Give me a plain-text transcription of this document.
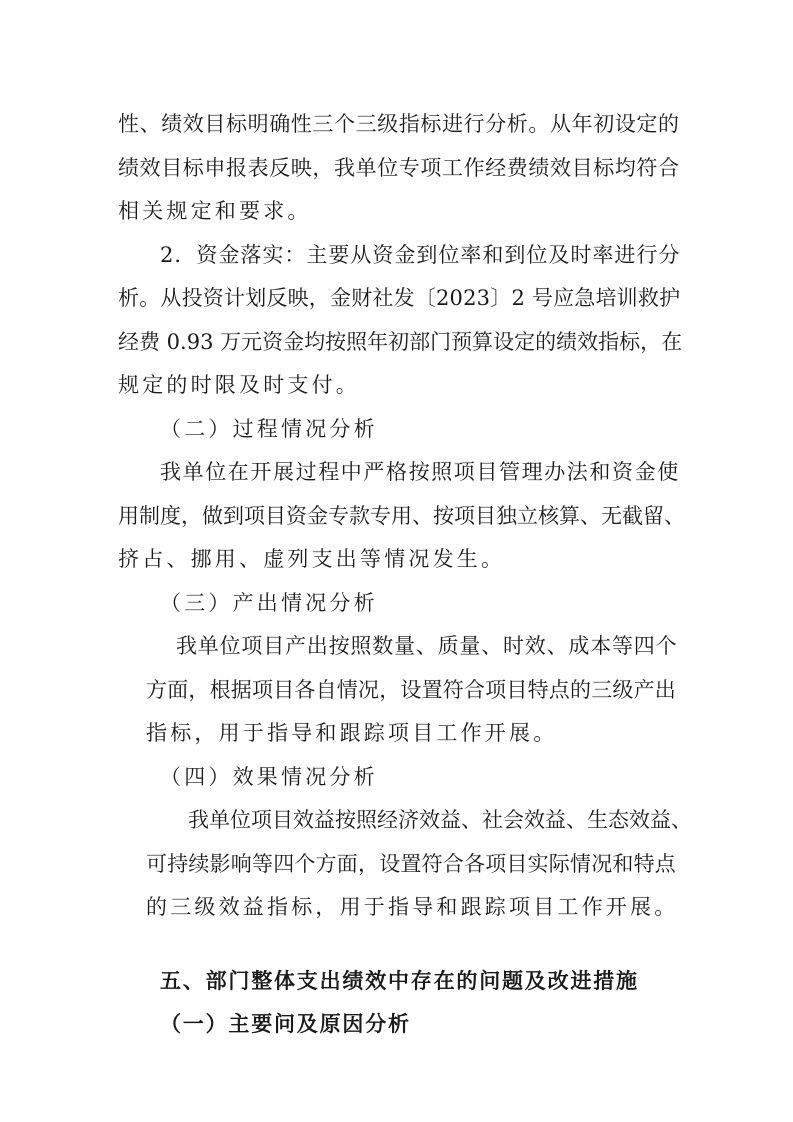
性、绩效目标明确性三个三级指标进行分析。从年初设定的
绩效目标申报表反映，我单位专项工作经费绩效目标均符合
相关规定和要求。
2．资金落实：主要从资金到位率和到位及时率进行分
析。从投资计划反映，金财社发〔2023〕2 号应急培训救护
经费 0.93 万元资金均按照年初部门预算设定的绩效指标，在
规定的时限及时支付。
（二）过程情况分析
我单位在开展过程中严格按照项目管理办法和资金使
用制度，做到项目资金专款专用、按项目独立核算、无截留、
挤占、挪用、虚列支出等情况发生。
（三）产出情况分析
我单位项目产出按照数量、质量、时效、成本等四个
方面，根据项目各自情况，设置符合项目特点的三级产出
指标，用于指导和跟踪项目工作开展。
（四）效果情况分析
我单位项目效益按照经济效益、社会效益、生态效益、
可持续影响等四个方面，设置符合各项目实际情况和特点
的三级效益指标，用于指导和跟踪项目工作开展。
五、部门整体支出绩效中存在的问题及改进措施
（一）主要问及原因分析
